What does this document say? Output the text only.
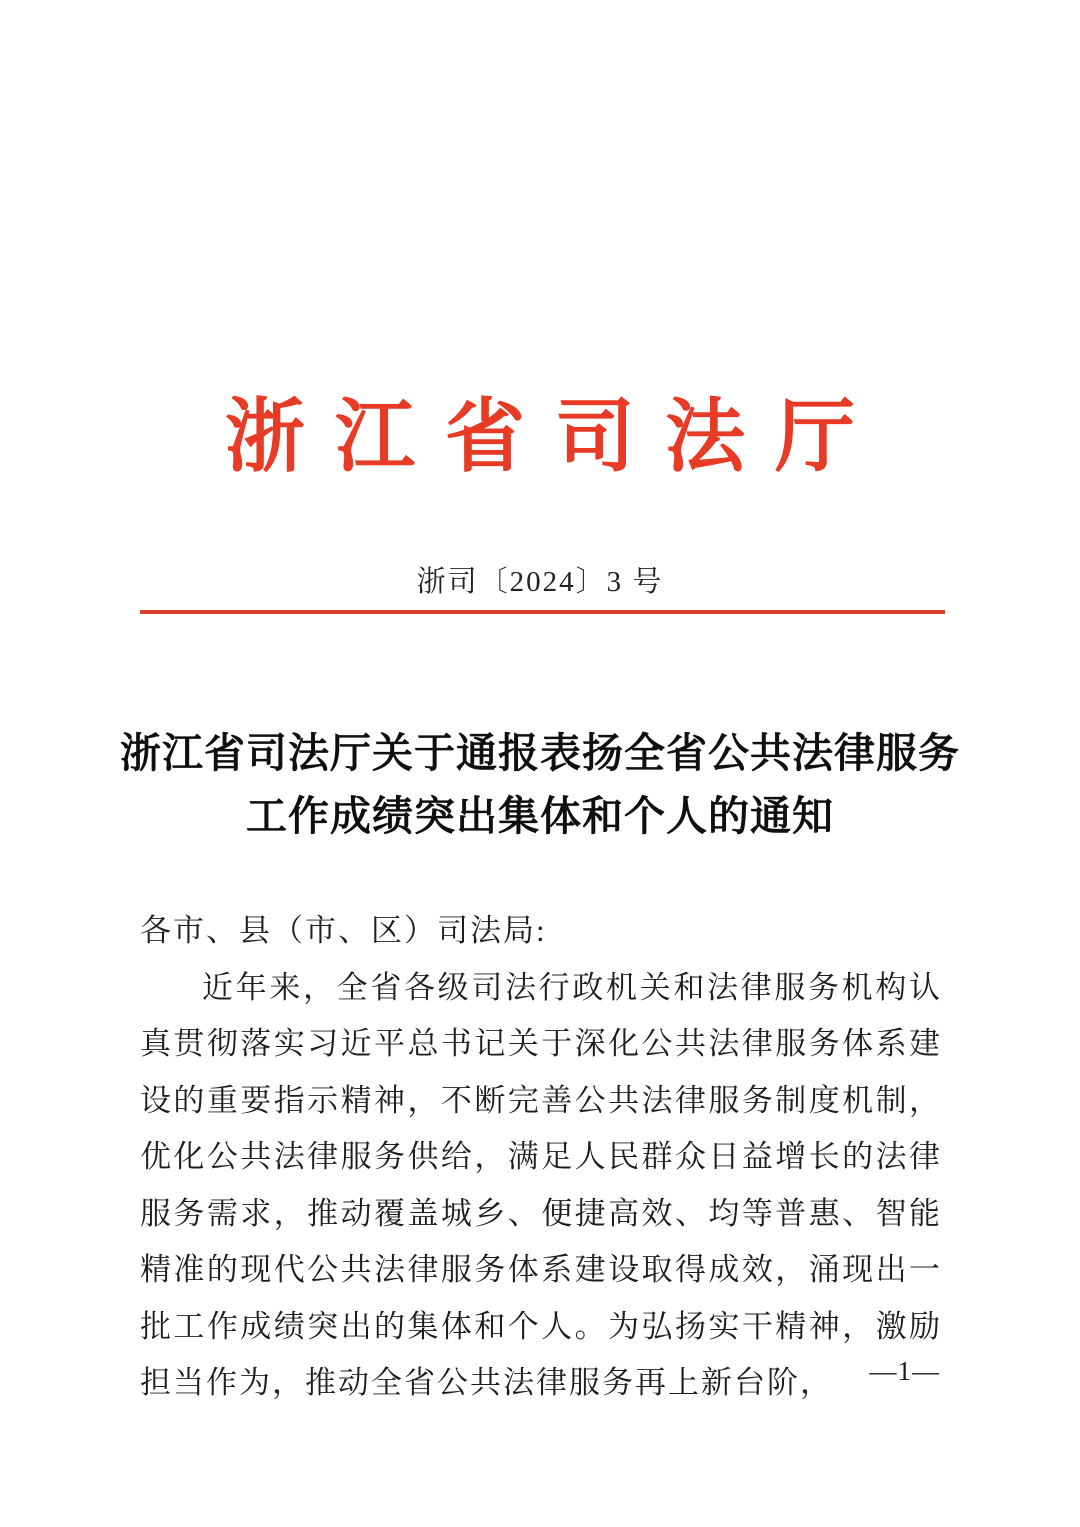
浙江省司法厅
浙司〔2024〕3 号
浙江省司法厅关于通报表扬全省公共法律服务
工作成绩突出集体和个人的通知

各市、县（市、区）司法局:

近年来，全省各级司法行政机关和法律服务机构认真贯彻落实习近平总书记关于深化公共法律服务体系建设的重要指示精神，不断完善公共法律服务制度机制，优化公共法律服务供给，满足人民群众日益增长的法律服务需求，推动覆盖城乡、便捷高效、均等普惠、智能精准的现代公共法律服务体系建设取得成效，涌现出一批工作成绩突出的集体和个人。为弘扬实干精神，激励担当作为，推动全省公共法律服务再上新台阶，	—1—
